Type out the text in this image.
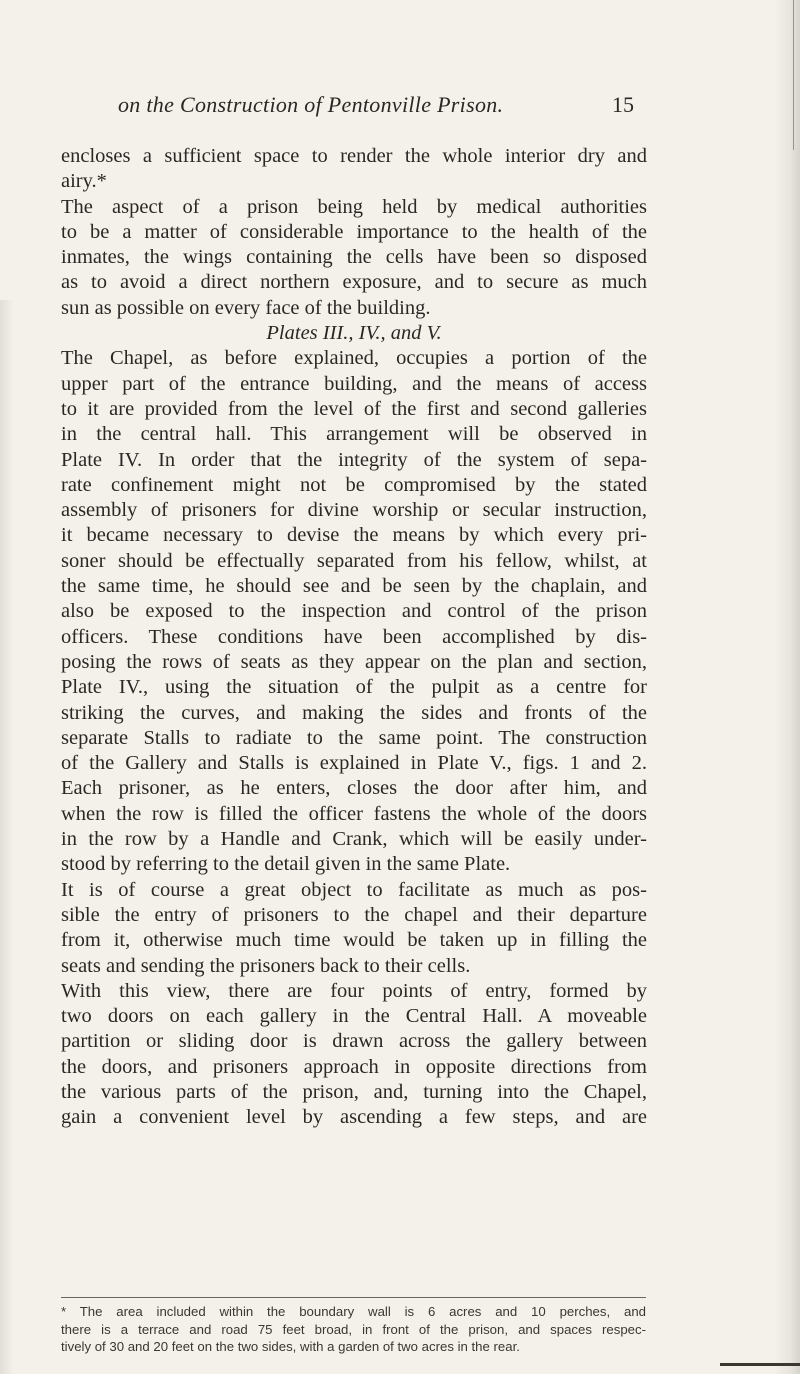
on the Construction of Pentonville Prison.	15
encloses a sufficient space to render the whole interior dry and
airy.*
The aspect of a prison being held by medical authorities
to be a matter of considerable importance to the health of the
inmates, the wings containing the cells have been so disposed
as to avoid a direct northern exposure, and to secure as much
sun as possible on every face of the building.
Plates III., IV., and V.
The Chapel, as before explained, occupies a portion of the
upper part of the entrance building, and the means of access
to it are provided from the level of the first and second galleries
in the central hall. This arrangement will be observed in
Plate IV. In order that the integrity of the system of sepa-
rate confinement might not be compromised by the stated
assembly of prisoners for divine worship or secular instruction,
it became necessary to devise the means by which every pri-
soner should be effectually separated from his fellow, whilst, at
the same time, he should see and be seen by the chaplain, and
also be exposed to the inspection and control of the prison
officers. These conditions have been accomplished by dis-
posing the rows of seats as they appear on the plan and section,
Plate IV., using the situation of the pulpit as a centre for
striking the curves, and making the sides and fronts of the
separate Stalls to radiate to the same point. The construction
of the Gallery and Stalls is explained in Plate V., figs. 1 and 2.
Each prisoner, as he enters, closes the door after him, and
when the row is filled the officer fastens the whole of the doors
in the row by a Handle and Crank, which will be easily under-
stood by referring to the detail given in the same Plate.
It is of course a great object to facilitate as much as pos-
sible the entry of prisoners to the chapel and their departure
from it, otherwise much time would be taken up in filling the
seats and sending the prisoners back to their cells.
With this view, there are four points of entry, formed by
two doors on each gallery in the Central Hall. A moveable
partition or sliding door is drawn across the gallery between
the doors, and prisoners approach in opposite directions from
the various parts of the prison, and, turning into the Chapel,
gain a convenient level by ascending a few steps, and are
* The area included within the boundary wall is 6 acres and 10 perches, and
there is a terrace and road 75 feet broad, in front of the prison, and spaces respec-
tively of 30 and 20 feet on the two sides, with a garden of two acres in the rear.
